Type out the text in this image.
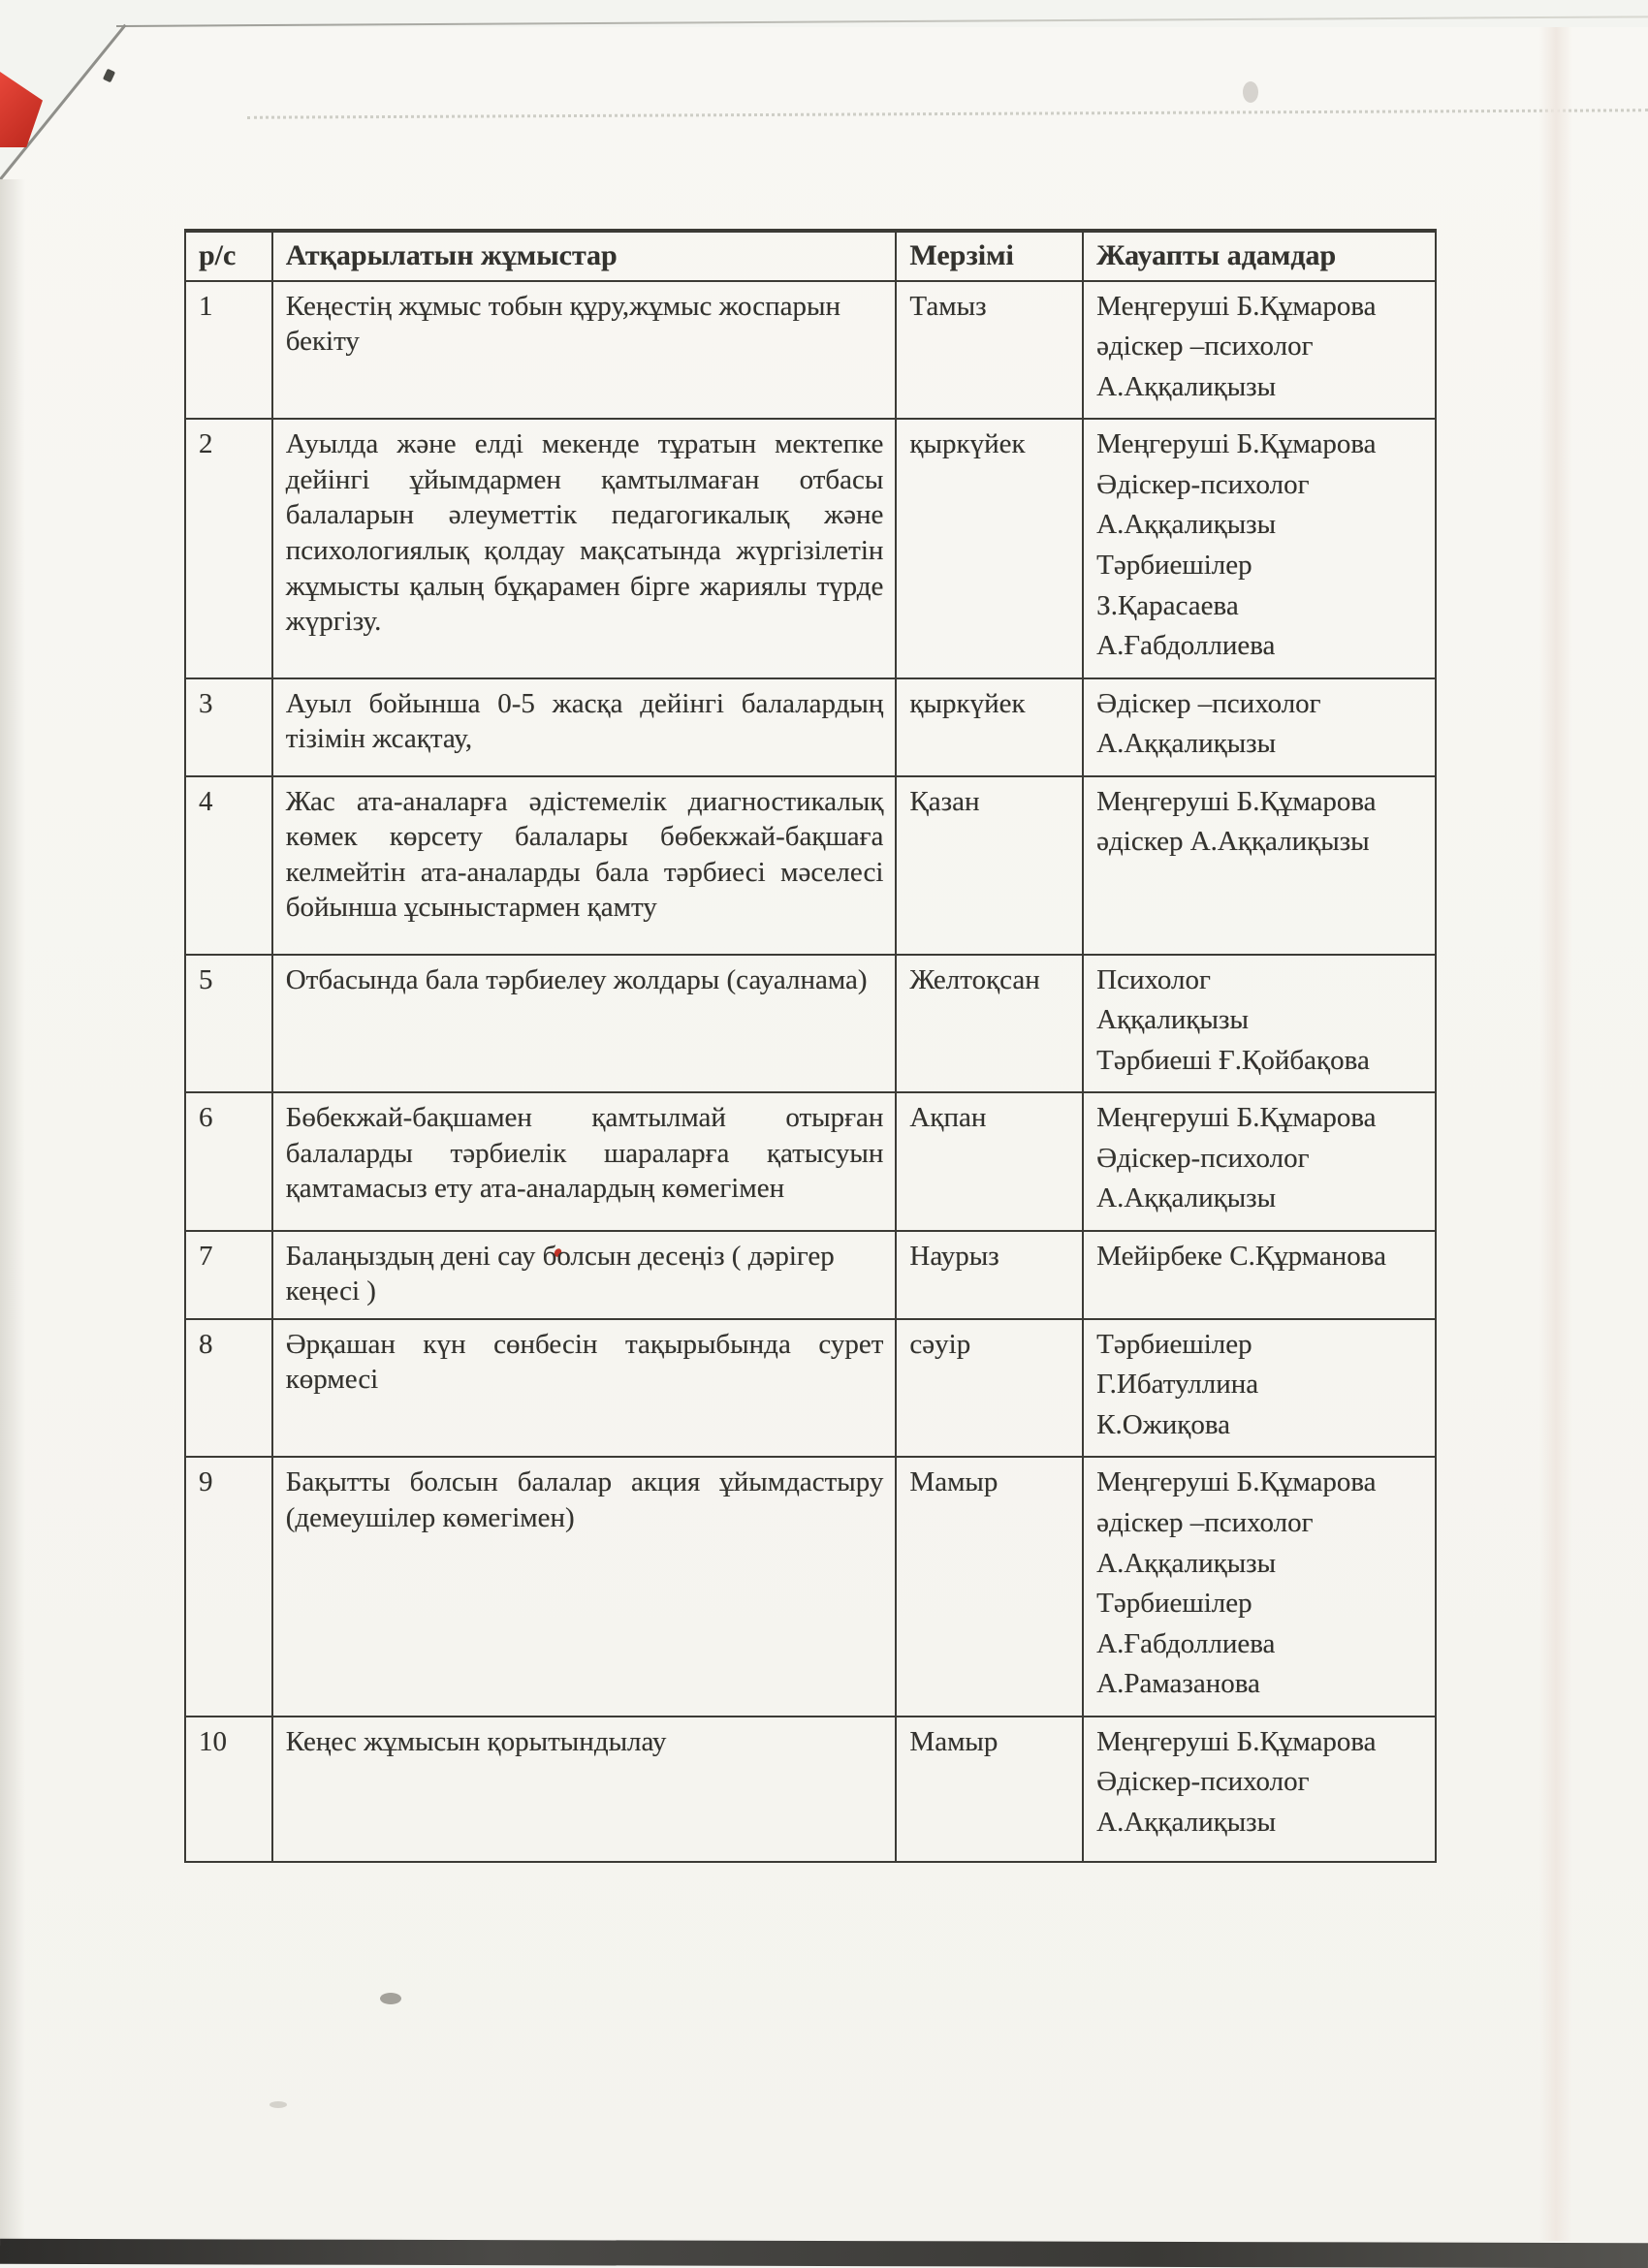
р/с	Атқарылатын жұмыстар	Мерзімі	Жауапты адамдар
1	Кеңестің жұмыс тобын құру,жұмыс жоспарын бекіту	Тамыз	Меңгеруші Б.Құмарова
әдіскер –психолог
А.Аққалиқызы

2	Ауылда және елді мекенде тұратын мектепке дейінгі ұйымдармен қамтылмаған отбасы балаларын әлеуметтік педагогикалық және психологиялық қолдау мақсатында жүргізілетін жұмысты қалың бұқарамен бірге жариялы түрде жүргізу.	қыркүйек	Меңгеруші Б.Құмарова
Әдіскер-психолог
А.Аққалиқызы
Тәрбиешілер
З.Қарасаева
А.Ғабдоллиева

3	Ауыл бойынша 0-5 жасқа дейінгі балалардың тізімін жсақтау,	қыркүйек	Әдіскер –психолог
А.Аққалиқызы

4	Жас ата-аналарға әдістемелік диагностикалық көмек көрсету балалары бөбекжай-бақшаға келмейтін ата-аналарды бала тәрбиесі мәселесі бойынша ұсыныстармен қамту	Қазан	Меңгеруші Б.Құмарова
әдіскер А.Аққалиқызы

5	Отбасында бала тәрбиелеу жолдары (сауалнама)	Желтоқсан	Психолог
Аққалиқызы
Тәрбиеші Ғ.Қойбақова

6	Бөбекжай-бақшамен қамтылмай отырған балаларды тәрбиелік шараларға қатысуын қамтамасыз ету ата-аналардың көмегімен	Ақпан	Меңгеруші Б.Құмарова
Әдіскер-психолог
А.Аққалиқызы

7	Балаңыздың дені сау болсын десеңіз ( дәрігер кеңесі )	Наурыз	Мейірбеке С.Құрманова

8	Әрқашан күн сөнбесін тақырыбында сурет көрмесі	сәуір	Тәрбиешілер
Г.Ибатуллина
К.Ожиқова

9	Бақытты болсын балалар акция ұйымдастыру (демеушілер көмегімен)	Мамыр	Меңгеруші Б.Құмарова
әдіскер –психолог
А.Аққалиқызы
Тәрбиешілер
А.Ғабдоллиева
А.Рамазанова

10	Кеңес жұмысын қорытындылау	Мамыр	Меңгеруші Б.Құмарова
Әдіскер-психолог
А.Аққалиқызы
